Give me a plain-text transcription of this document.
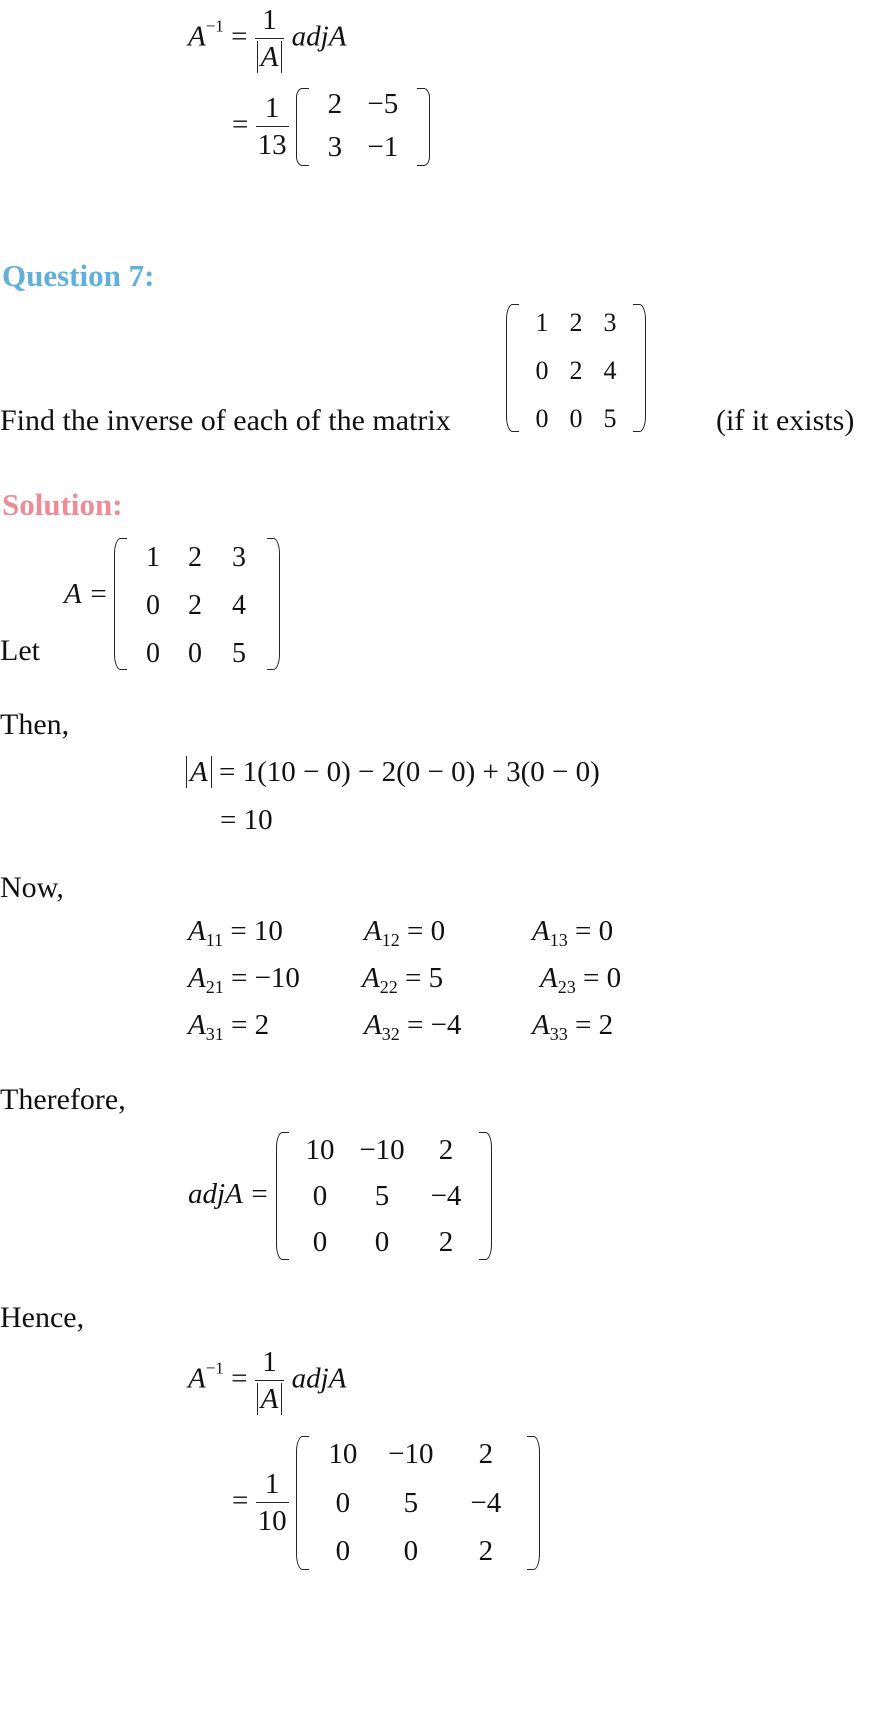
$A^{-1} = \frac{1}{A}$ adjA
= $\frac{1}{13}$
	2 −5
3 −1
Question 7:
Find the inverse of each of the matrix
1 2 3
0 2 4
0 0 5	(if it exists)
Solution:
Let
A =
1	2	3
0	2	4
0	0	5
Then,
A = 1(10 − 0) − 2(0 − 0) + 3(0 − 0)
= 10
Now,
$A_{11} = 10$	$A_{12} = 0$	$A_{13} = 0$
$A_{21} = -10$ $A_{22} = 5$	$A_{23} = 0$
$A_{31} = 2$	$A_{32} = -4$ $A_{33} = 2$
Therefore,
adjA =
10 −10	2
0	5	−4
0	0	2
Hence,
$A^{-1} = \frac{1}{A}$ adjA
= $\frac{1}{10}$

10	−10	2
0	5	−4
0	0	2
